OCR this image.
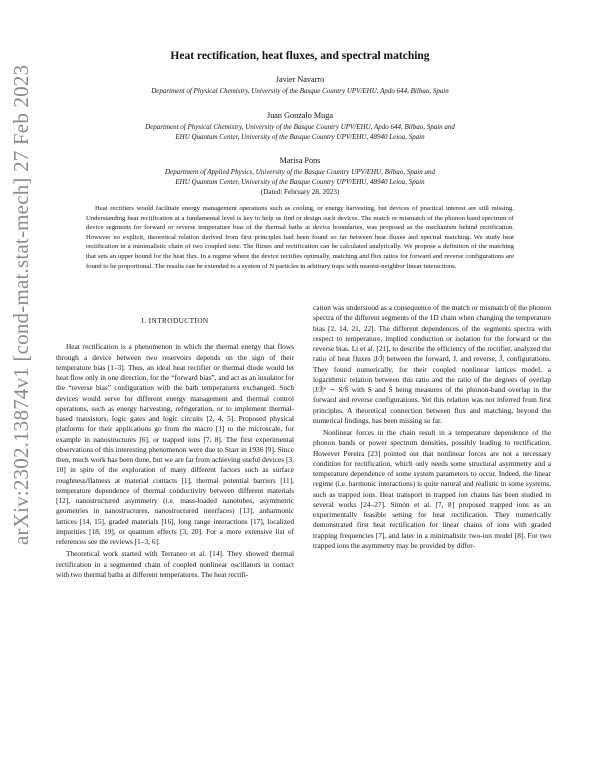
arXiv:2302.13874v1 [cond-mat.stat-mech] 27 Feb 2023
Heat rectification, heat fluxes, and spectral matching
Javier Navarro
Department of Physical Chemistry, University of the Basque Country UPV/EHU, Apdo 644, Bilbao, Spain
Juan Gonzalo Muga
Department of Physical Chemistry, University of the Basque Country UPV/EHU, Apdo 644, Bilbao, Spain and
EHU Quantum Center, University of the Basque Country UPV/EHU, 48940 Leioa, Spain
Marisa Pons
Department of Applied Physics, University of the Basque Country UPV/EHU, Bilbao, Spain and
EHU Quantum Center, University of the Basque Country UPV/EHU, 48940 Leioa, Spain
(Dated: February 28, 2023)
Heat rectifiers would facilitate energy management operations such as cooling, or energy harvesting, but devices of practical interest are still missing. Understanding heat rectification at a fundamental level is key to help us find or design such devices. The match or mismatch of the phonon band spectrum of device segments for forward or reverse temperature bias of the thermal baths at device boundaries, was proposed as the mechanism behind rectification. However no explicit, theoretical relation derived from first principles had been found so far between heat fluxes and spectral matching. We study heat rectification in a minimalistic chain of two coupled ions. The fluxes and rectification can be calculated analytically. We propose a definition of the matching that sets an upper bound for the heat flux. In a regime where the device rectifies optimally, matching and flux ratios for forward and reverse configurations are found to be proportional. The results can be extended to a system of N particles in arbitrary traps with nearest-neighbor linear interactions.
I. INTRODUCTION

Heat rectification is a phenomenon in which the thermal energy that flows through a device between two reservoirs depends on the sign of their temperature bias [1–3]. Thus, an ideal heat rectifier or thermal diode would let heat flow only in one direction, for the “forward bias”, and act as an insulator for the “reverse bias” configuration with the bath temperatures exchanged. Such devices would serve for different energy management and thermal control operations, such as energy harvesting, refrigeration, or to implement thermal-based transistors, logic gates and logic circuits [2, 4, 5]. Proposed physical platforms for their applications go from the macro [1] to the microscale, for example in nanostructures [6], or trapped ions [7, 8]. The first experimental observations of this interesting phenomenon were due to Starr in 1936 [9]. Since then, much work has been done, but we are far from achieving useful devices [3, 10] in spite of the exploration of many different factors such as surface roughness/flatness at material contacts [1], thermal potential barriers [11], temperature dependence of thermal conductivity between different materials [12], nanostructured asymmetry (i.e. mass-loaded nanotubes, asymmetric geometries in nanostructures, nanostructured interfaces) [13], anharmonic lattices [14, 15], graded materials [16], long range interactions [17], localized impurities [18, 19], or quantum effects [3, 20]. For a more extensive list of references see the reviews [1–3, 6].

Theoretical work started with Terraneo et al. [14]. They showed thermal rectification in a segmented chain of coupled nonlinear oscillators in contact with two thermal baths at different temperatures. The heat rectifi-

cation was understood as a consequence of the match or mismatch of the phonon spectra of the different segments of the 1D chain when changing the temperature bias [2, 14, 21, 22]. The different dependences of the segments spectra with respect to temperature, implied conduction or isolation for the forward or the reverse bias. Li et al. [21], to describe the efficiency of the rectifier, analyzed the ratio of heat fluxes |J/J̃| between the forward, J, and reverse, J̃, configurations. They found numerically, for their coupled nonlinear lattices model, a logarithmic relation between this ratio and the ratio of the degrees of overlap |J/J̃|⁶ ∼ S/S̃ with S and S̃ being measures of the phonon-band overlap in the forward and reverse configurations. Yet this relation was not inferred from first principles. A theoretical connection between flux and matching, beyond the numerical findings, has been missing so far.

Nonlinear forces in the chain result in a temperature dependence of the phonon bands or power spectrum densities, possibly leading to rectification. However Pereira [23] pointed out that nonlinear forces are not a necessary condition for rectification, which only needs some structural asymmetry and a temperature dependence of some system parameters to occur. Indeed, the linear regime (i.e. harmonic interactions) is quite natural and realistic in some systems, such as trapped ions. Heat transport in trapped ion chains has been studied in several works [24–27]. Simón et al. [7, 8] proposed trapped ions as an experimentally feasible setting for heat rectification. They numerically demonstrated first heat rectification for linear chains of ions with graded trapping frequencies [7], and later in a minimalistic two-ion model [8]. For two trapped ions the asymmetry may be provided by differ-
